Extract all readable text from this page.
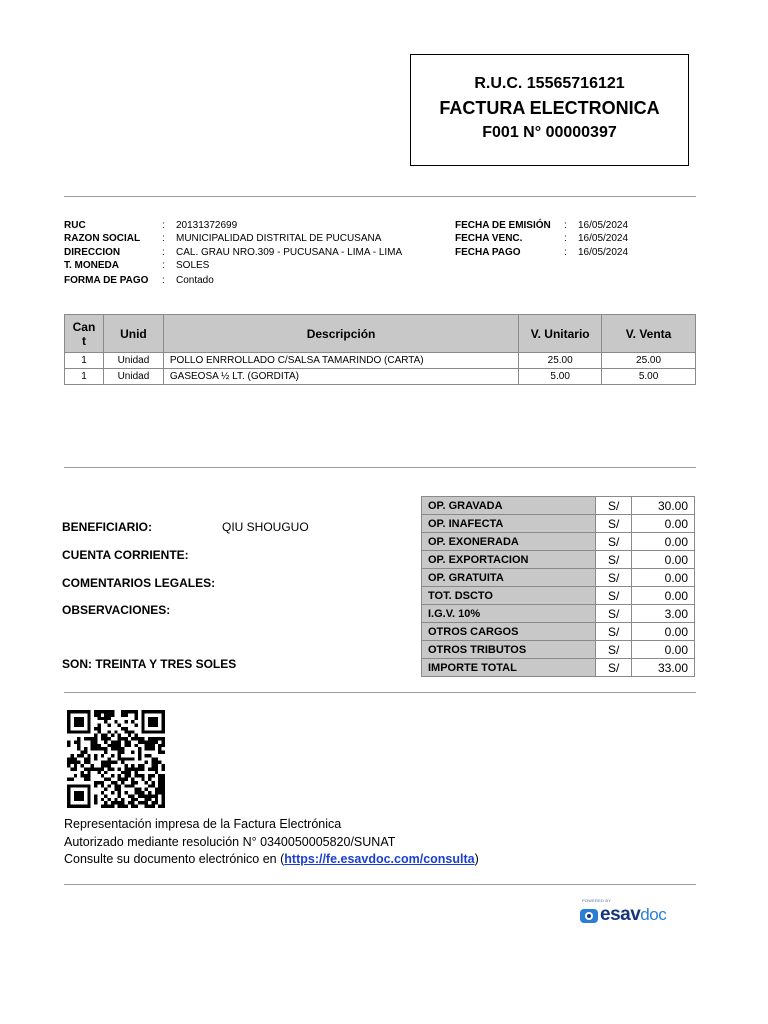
R.U.C. 15565716121
FACTURA ELECTRONICA
F001 N° 00000397
RUC	:	20131372699
RAZON SOCIAL	:	MUNICIPALIDAD DISTRITAL DE PUCUSANA
DIRECCION	:	CAL. GRAU NRO.309 - PUCUSANA - LIMA - LIMA
T. MONEDA	:	SOLES
FORMA DE PAGO	:	Contado
FECHA DE EMISIÓN	:	16/05/2024
FECHA VENC.	:	16/05/2024
FECHA PAGO	:	16/05/2024
Can
t	Unid	Descripción	V. Unitario	V. Venta
1	Unidad	POLLO ENRROLLADO C/SALSA TAMARINDO (CARTA)	25.00	25.00
1	Unidad	GASEOSA ½ LT. (GORDITA)	5.00	5.00
BENEFICIARIO:	QIU SHOUGUO
CUENTA CORRIENTE:
COMENTARIOS LEGALES:
OBSERVACIONES:
SON: TREINTA Y TRES SOLES
OP. GRAVADA	S/	30.00
OP. INAFECTA	S/	0.00
OP. EXONERADA	S/	0.00
OP. EXPORTACION	S/	0.00
OP. GRATUITA	S/	0.00
TOT. DSCTO	S/	0.00
I.G.V. 10%	S/	3.00
OTROS CARGOS	S/	0.00
OTROS TRIBUTOS	S/	0.00
IMPORTE TOTAL	S/	33.00
Representación impresa de la Factura Electrónica
Autorizado mediante resolución N° 0340050005820/SUNAT
Consulte su documento electrónico en (https://fe.esavdoc.com/consulta)
POWERED BY
esavdoc
